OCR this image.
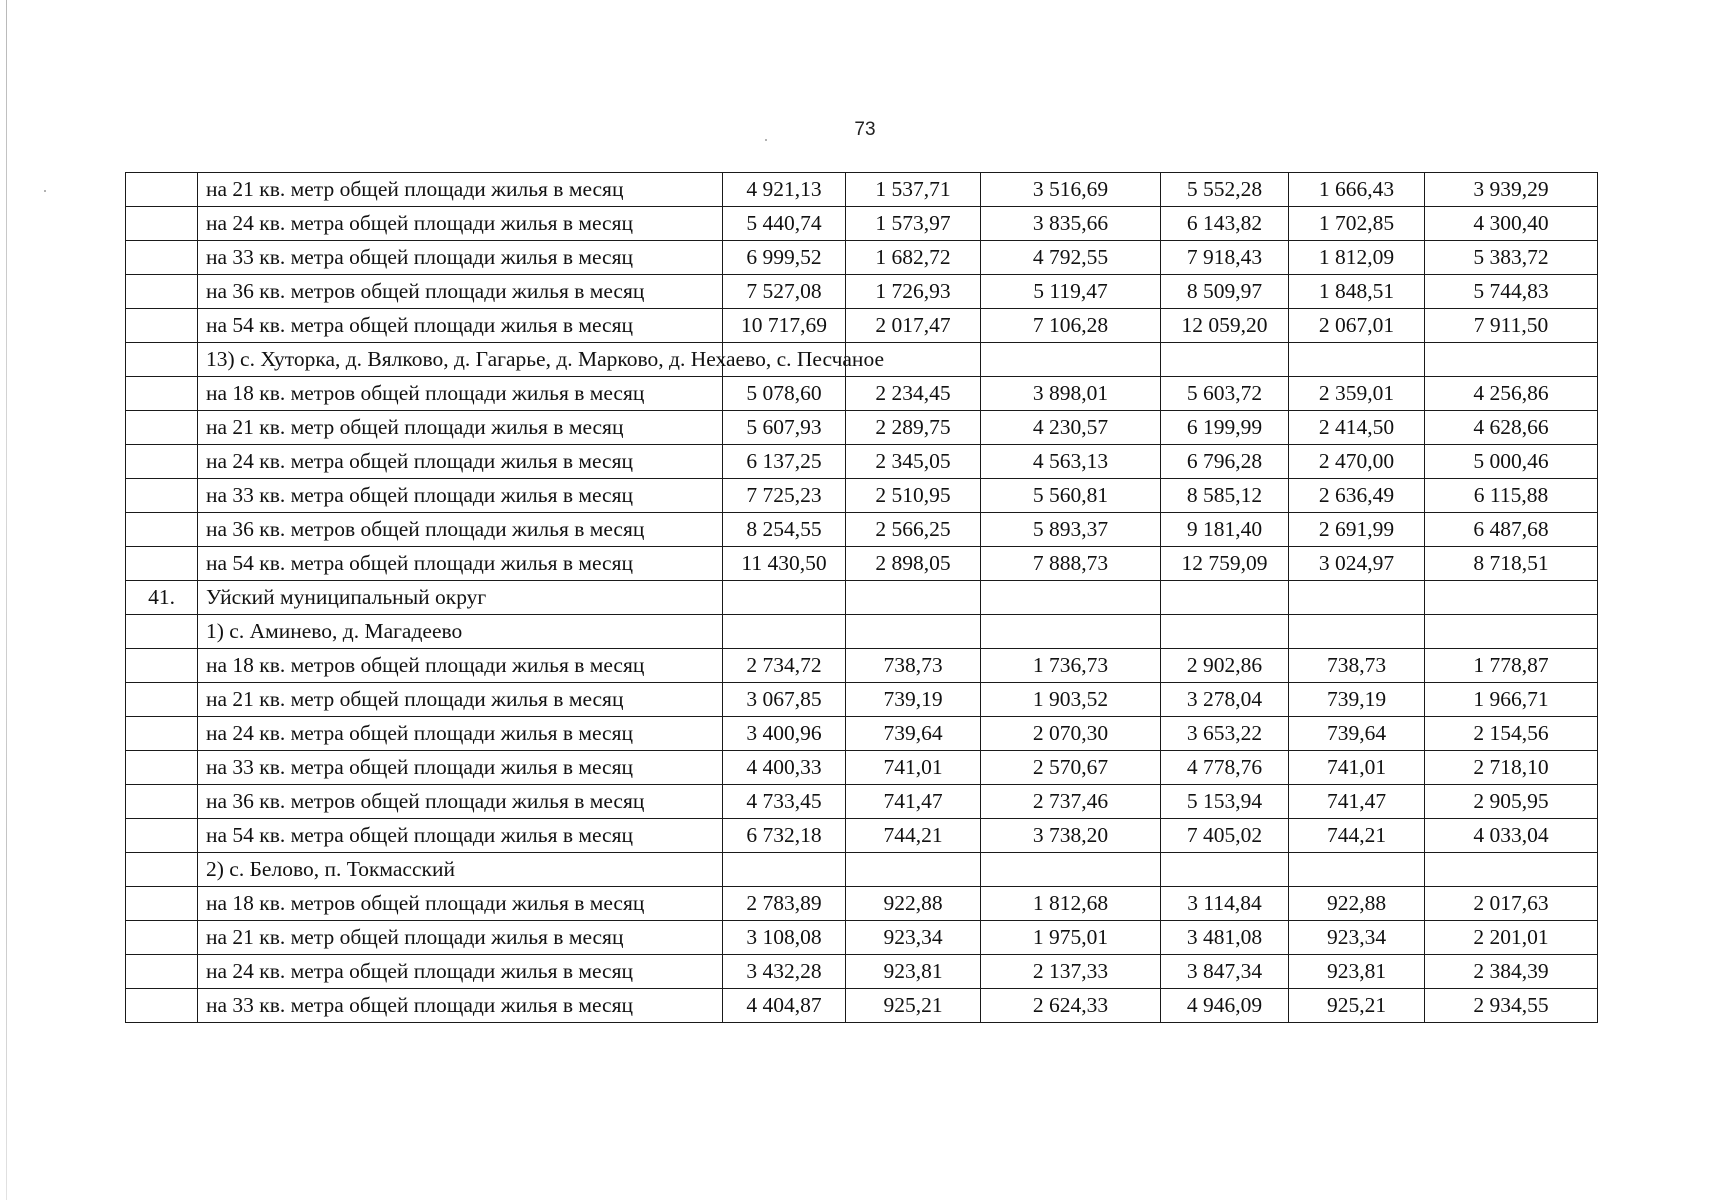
73
	на 21 кв. метр общей площади жилья в месяц	4 921,13	1 537,71	3 516,69	5 552,28	1 666,43	3 939,29
	на 24 кв. метра общей площади жилья в месяц	5 440,74	1 573,97	3 835,66	6 143,82	1 702,85	4 300,40
	на 33 кв. метра общей площади жилья в месяц	6 999,52	1 682,72	4 792,55	7 918,43	1 812,09	5 383,72
	на 36 кв. метров общей площади жилья в месяц	7 527,08	1 726,93	5 119,47	8 509,97	1 848,51	5 744,83
	на 54 кв. метра общей площади жилья в месяц	10 717,69	2 017,47	7 106,28	12 059,20	2 067,01	7 911,50
	13) с. Хуторка, д. Вялково, д. Гагарье, д. Марково, д. Нехаево, с. Песчаное						
	на 18 кв. метров общей площади жилья в месяц	5 078,60	2 234,45	3 898,01	5 603,72	2 359,01	4 256,86
	на 21 кв. метр общей площади жилья в месяц	5 607,93	2 289,75	4 230,57	6 199,99	2 414,50	4 628,66
	на 24 кв. метра общей площади жилья в месяц	6 137,25	2 345,05	4 563,13	6 796,28	2 470,00	5 000,46
	на 33 кв. метра общей площади жилья в месяц	7 725,23	2 510,95	5 560,81	8 585,12	2 636,49	6 115,88
	на 36 кв. метров общей площади жилья в месяц	8 254,55	2 566,25	5 893,37	9 181,40	2 691,99	6 487,68
	на 54 кв. метра общей площади жилья в месяц	11 430,50	2 898,05	7 888,73	12 759,09	3 024,97	8 718,51
41.	Уйский муниципальный округ						
	1) с. Аминево, д. Магадеево						
	на 18 кв. метров общей площади жилья в месяц	2 734,72	738,73	1 736,73	2 902,86	738,73	1 778,87
	на 21 кв. метр общей площади жилья в месяц	3 067,85	739,19	1 903,52	3 278,04	739,19	1 966,71
	на 24 кв. метра общей площади жилья в месяц	3 400,96	739,64	2 070,30	3 653,22	739,64	2 154,56
	на 33 кв. метра общей площади жилья в месяц	4 400,33	741,01	2 570,67	4 778,76	741,01	2 718,10
	на 36 кв. метров общей площади жилья в месяц	4 733,45	741,47	2 737,46	5 153,94	741,47	2 905,95
	на 54 кв. метра общей площади жилья в месяц	6 732,18	744,21	3 738,20	7 405,02	744,21	4 033,04
	2) с. Белово, п. Токмасский						
	на 18 кв. метров общей площади жилья в месяц	2 783,89	922,88	1 812,68	3 114,84	922,88	2 017,63
	на 21 кв. метр общей площади жилья в месяц	3 108,08	923,34	1 975,01	3 481,08	923,34	2 201,01
	на 24 кв. метра общей площади жилья в месяц	3 432,28	923,81	2 137,33	3 847,34	923,81	2 384,39
	на 33 кв. метра общей площади жилья в месяц	4 404,87	925,21	2 624,33	4 946,09	925,21	2 934,55
